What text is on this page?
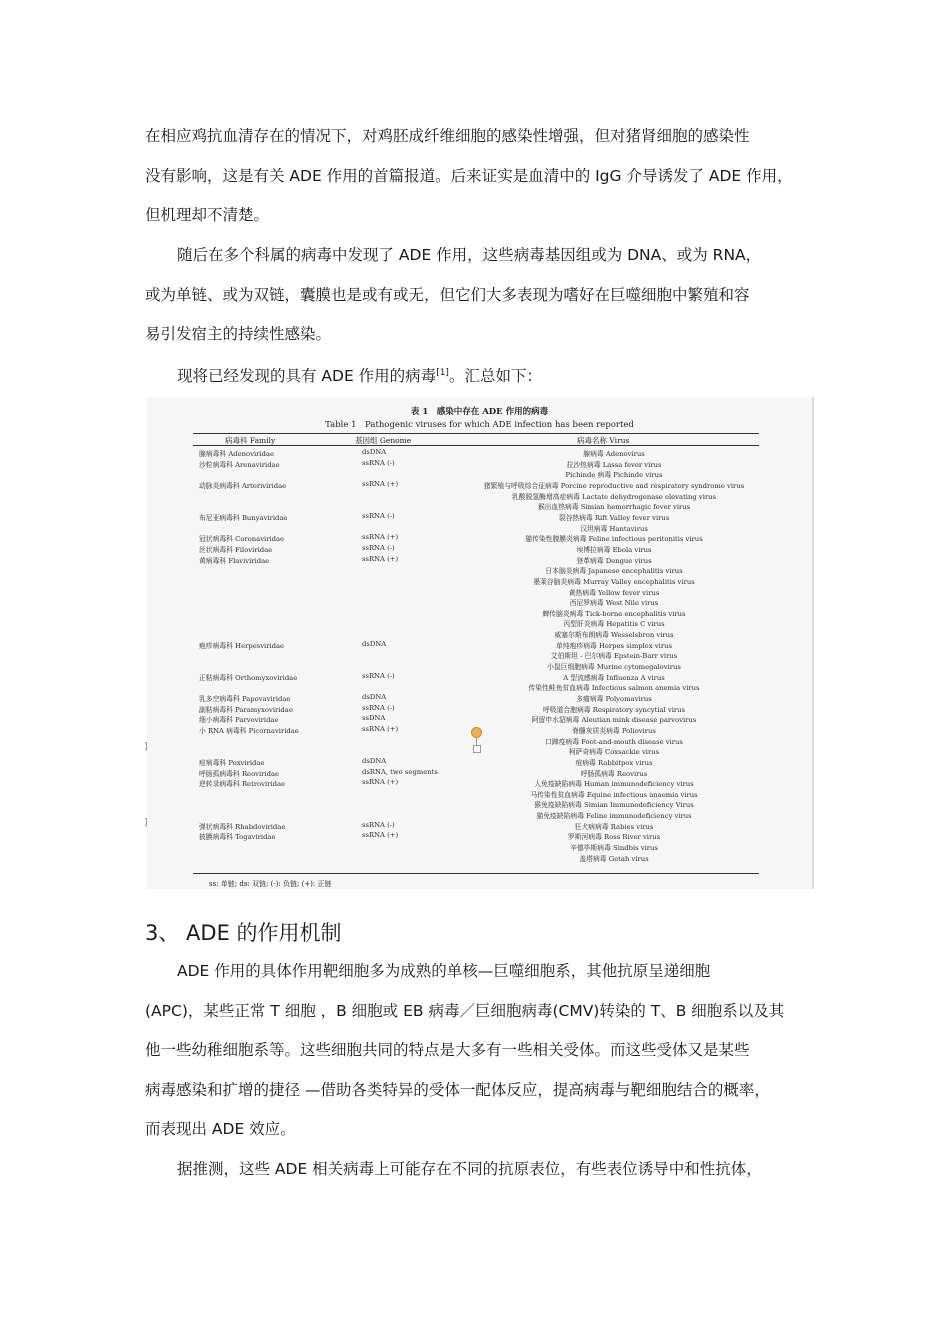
在相应鸡抗血清存在的情况下，对鸡胚成纤维细胞的感染性增强，但对猪肾细胞的感染性
没有影响，这是有关 ADE 作用的首篇报道。后来证实是血清中的 IgG 介导诱发了 ADE 作用，
但机理却不清楚。

随后在多个科属的病毒中发现了 ADE 作用，这些病毒基因组或为 DNA、或为 RNA，
或为单链、或为双链，囊膜也是或有或无，但它们大多表现为嗜好在巨噬细胞中繁殖和容
易引发宿主的持续性感染。

现将已经发现的具有 ADE 作用的病毒[1]。汇总如下：

表 1　感染中存在 ADE 作用的病毒
Table 1　Pathogenic viruses for which ADE infection has been reported
病毒科 Family	基因组 Genome	病毒名称 Virus
腺病毒科 Adenoviridae	dsDNA	腺病毒 Adenovirus
沙粒病毒科 Arenaviridae	ssRNA (-)	拉沙热病毒 Lassa fever virus
Pichinde 病毒 Pichinde virus
动脉炎病毒科 Arteriviridae	ssRNA (+)	猪繁殖与呼吸综合征病毒 Porcine reproductive and respiratory syndrome virus
乳酸脱氢酶增高症病毒 Lactate dehydrogenase elevating virus
猴出血热病毒 Simian hemorrhagic fever virus
布尼亚病毒科 Bunyaviridae	ssRNA (-)	裂谷热病毒 Rift Valley fever virus
汉坦病毒 Hantavirus
冠状病毒科 Coronaviridae	ssRNA (+)	猫传染性腹膜炎病毒 Feline infectious peritonitis virus
丝状病毒科 Filoviridae	ssRNA (-)	埃博拉病毒 Ebola virus
黄病毒科 Flaviviridae	ssRNA (+)	登革病毒 Dengue virus
日本脑炎病毒 Japanese encephalitis virus
墨莱谷脑炎病毒 Murray Valley encephalitis virus
黄热病毒 Yellow fever virus
西尼罗病毒 West Nile virus
蜱传脑炎病毒 Tick-borne encephalitis virus
丙型肝炎病毒 Hepatitis C virus
威塞尔斯布朗病毒 Wesselsbron virus
疱疹病毒科 Herpesviridae	dsDNA	单纯疱疹病毒 Herpes simplex virus
艾伯斯坦 - 巴尔病毒 Epstein-Barr virus
小鼠巨细胞病毒 Murine cytomegalovirus
正粘病毒科 Orthomyxoviridae	ssRNA (-)	A 型流感病毒 Influenza A virus
传染性鲑鱼贫血病毒 Infectious salmon anemia virus
乳多空病毒科 Papovaviridae	dsDNA	多瘤病毒 Polyomavirus
副粘病毒科 Paramyxoviridae	ssRNA (-)	呼吸道合胞病毒 Respiratory syncytial virus
细小病毒科 Parvoviridae	ssDNA	阿留申水貂病毒 Aleutian mink disease parvovirus
小 RNA 病毒科 Picornaviridae	ssRNA (+)	脊髓灰质炎病毒 Poliovirus
口蹄疫病毒 Foot-and-mouth disease virus
柯萨奇病毒 Coxsackie virus
痘病毒科 Poxviridae	dsDNA	痘病毒 Rabbitpox virus
呼肠孤病毒科 Reoviridae	dsRNA, two segments	呼肠孤病毒 Reovirus
逆转录病毒科 Retroviridae	ssRNA (+)	人免疫缺陷病毒 Human immunodeficiency virus
马传染性贫血病毒 Equine infectious anaemia virus
猴免疫缺陷病毒 Simian Immunodeficiency Virus
猫免疫缺陷病毒 Feline immunodeficiency virus
弹状病毒科 Rhabdoviridae	ssRNA (-)	狂犬病病毒 Rabies virus
披膜病毒科 Togaviridae	ssRNA (+)	罗斯河病毒 Ross River virus
辛德毕斯病毒 Sindbis virus
盖塔病毒 Getah virus
ss: 单链; ds: 双链; (-): 负链; (+): 正链
]
]
3、 ADE 的作用机制

ADE 作用的具体作用靶细胞多为成熟的单核—巨噬细胞系，其他抗原呈递细胞
(APC)，某些正常 T 细胞 ，B 细胞或 EB 病毒／巨细胞病毒(CMV)转染的 T、B 细胞系以及其
他一些幼稚细胞系等。这些细胞共同的特点是大多有一些相关受体。而这些受体又是某些
病毒感染和扩增的捷径 —借助各类特异的受体一配体反应，提高病毒与靶细胞结合的概率，
而表现出 ADE 效应。

据推测，这些 ADE 相关病毒上可能存在不同的抗原表位，有些表位诱导中和性抗体，
